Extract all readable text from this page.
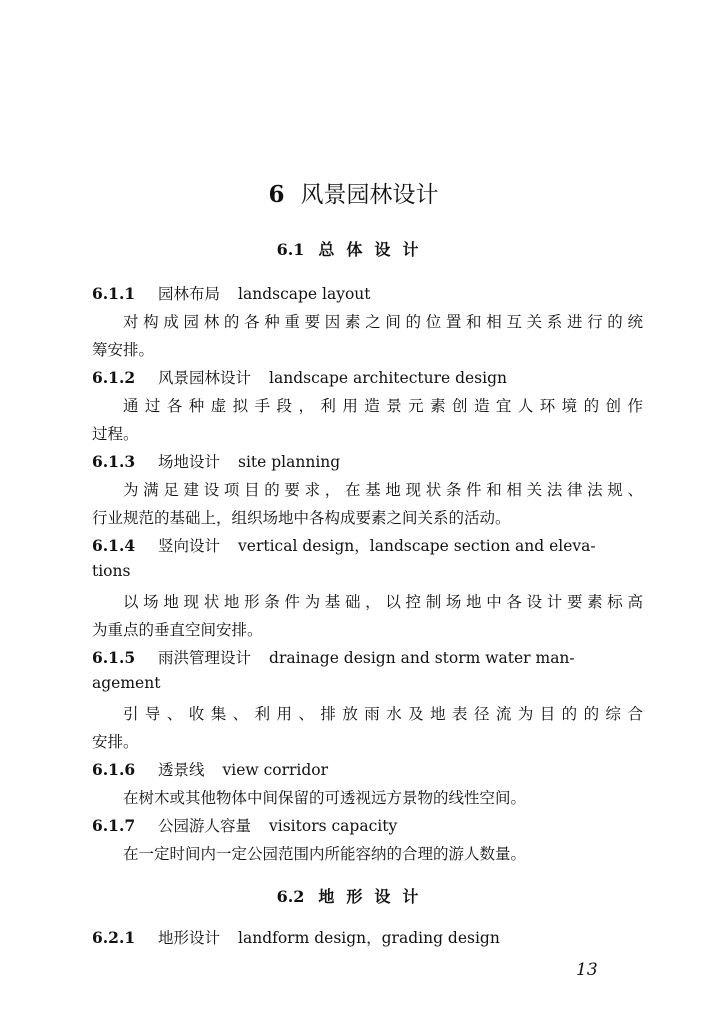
6 风景园林设计
6.1 总体设计
6.1.1 园林布局 landscape layout
对构成园林的各种重要因素之间的位置和相互关系进行的统
筹安排。
6.1.2 风景园林设计 landscape architecture design
通过各种虚拟手段，利用造景元素创造宜人环境的创作
过程。
6.1.3 场地设计 site planning
为满足建设项目的要求，在基地现状条件和相关法律法规、
行业规范的基础上，组织场地中各构成要素之间关系的活动。
6.1.4 竖向设计 vertical design，landscape section and eleva-
tions
以场地现状地形条件为基础，以控制场地中各设计要素标高
为重点的垂直空间安排。
6.1.5 雨洪管理设计 drainage design and storm water man-
agement
引导、收集、利用、排放雨水及地表径流为目的的综合
安排。
6.1.6 透景线 view corridor
在树木或其他物体中间保留的可透视远方景物的线性空间。
6.1.7 公园游人容量 visitors capacity
在一定时间内一定公园范围内所能容纳的合理的游人数量。
6.2 地形设计
6.2.1 地形设计 landform design，grading design
13
